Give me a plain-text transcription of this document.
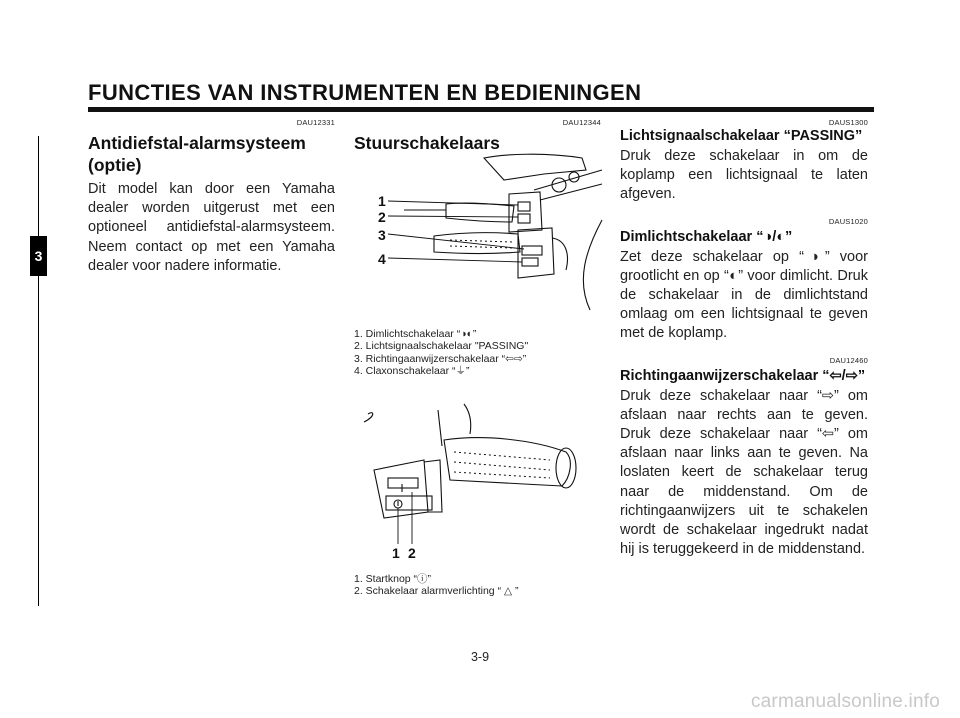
FUNCTIES VAN INSTRUMENTEN EN BEDIENINGEN
3
DAU12331
Antidiefstal-alarmsysteem (optie)
Dit model kan door een Yamaha dealer worden uitgerust met een optioneel antidiefstal-alarmsysteem. Neem contact op met een Yamaha dealer voor nadere informatie.
DAU12344
Stuurschakelaars
1
2
3
4
1. Dimlichtschakelaar “◑◐”
2. Lichtsignaalschakelaar "PASSING"
3. Richtingaanwijzerschakelaar “⇦⇨”
4. Claxonschakelaar “⏚”
1 2
1. Startknop “ⓘ”
2. Schakelaar alarmverlichting “ △ ”
DAUS1300
Lichtsignaalschakelaar “PASSING”
Druk deze schakelaar in om de koplamp een lichtsignaal te laten afgeven.
DAUS1020
Dimlichtschakelaar “◑/◐”
Zet deze schakelaar op “◑” voor grootlicht en op “◐” voor dimlicht. Druk de schakelaar in de dimlichtstand omlaag om een lichtsignaal te geven met de koplamp.
DAU12460
Richtingaanwijzerschakelaar “⇦/⇨”
Druk deze schakelaar naar “⇨” om afslaan naar rechts aan te geven. Druk deze schakelaar naar “⇦” om afslaan naar links aan te geven. Na loslaten keert de schakelaar terug naar de middenstand. Om de richtingaanwijzers uit te schakelen wordt de schakelaar ingedrukt nadat hij is teruggekeerd in de middenstand.
3-9
carmanualsonline.info
